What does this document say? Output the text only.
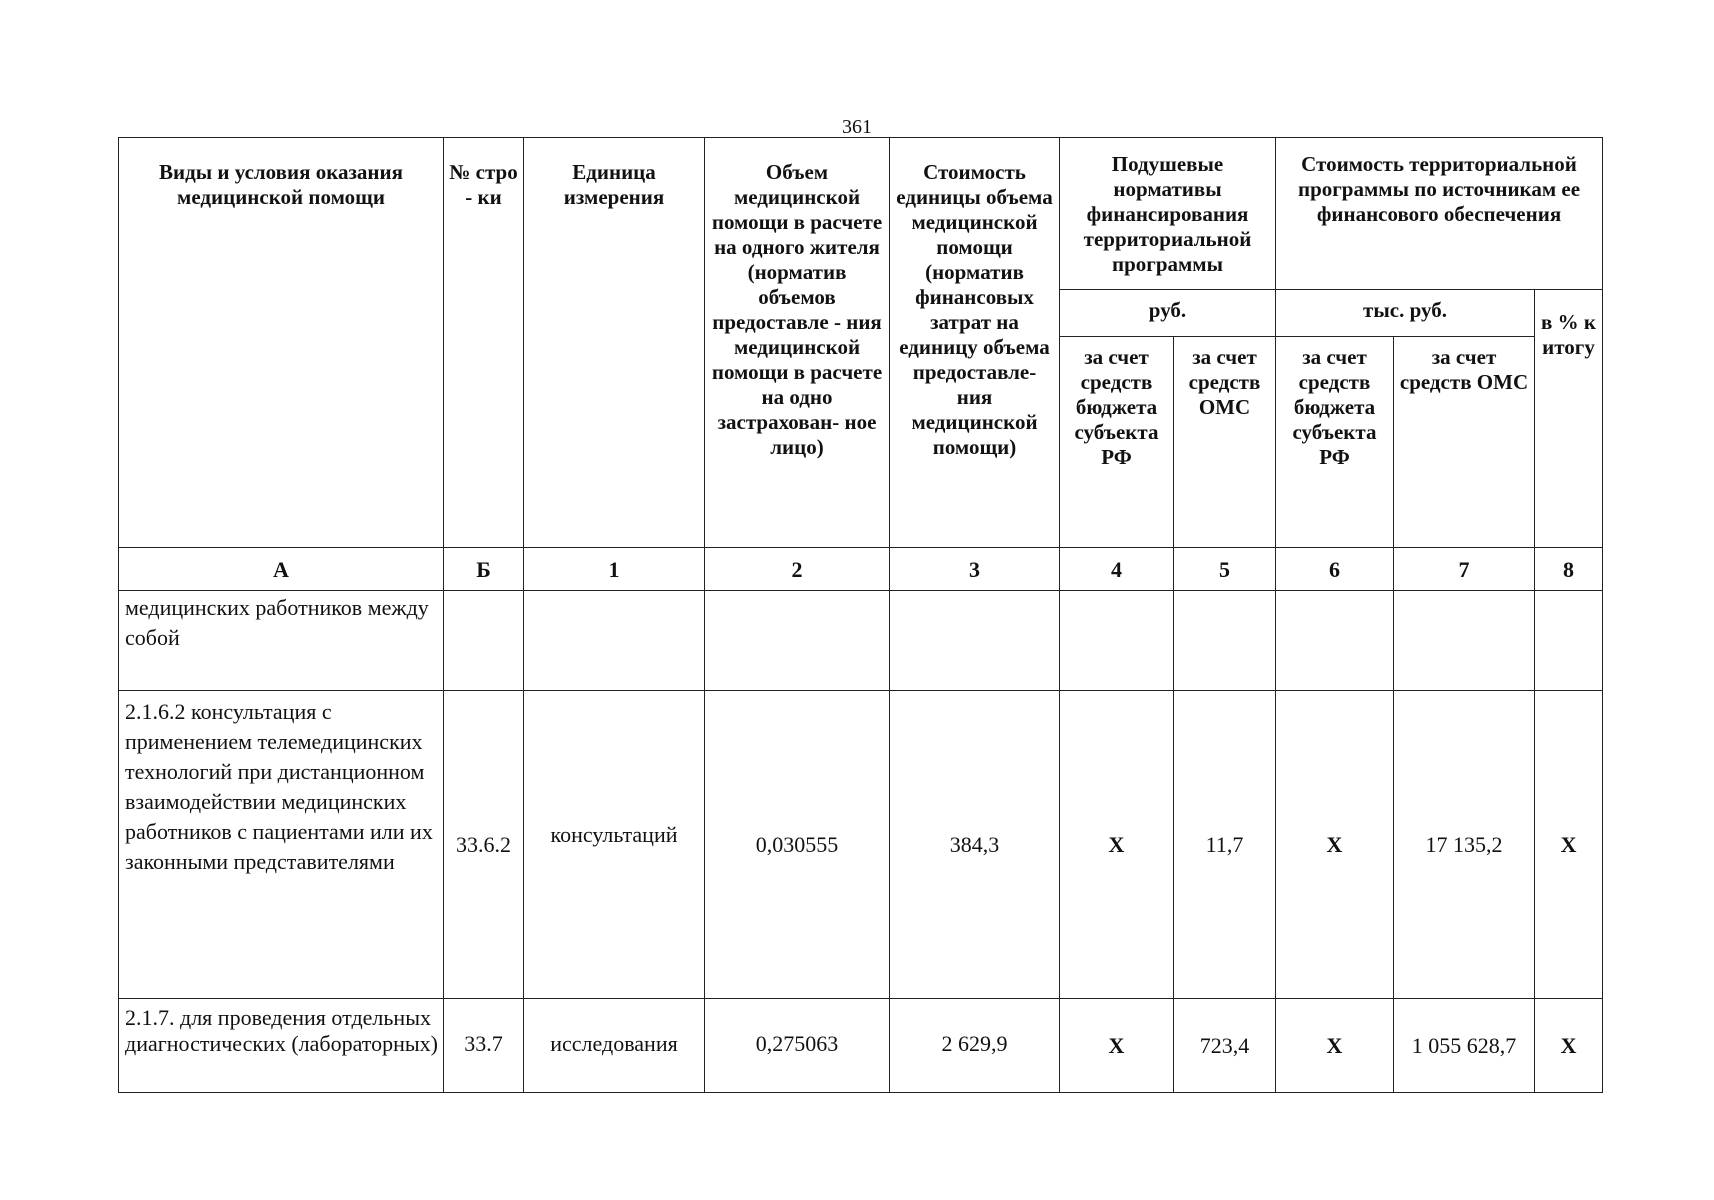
361
Виды и условия оказания медицинской помощи	№ стро - ки	Единица измерения	Объем медицинской помощи в расчете на одного жителя (норматив объемов предоставле - ния медицинской помощи в расчете на одно застрахован- ное лицо)	Стоимость единицы объема медицинской помощи (норматив финансовых затрат на единицу объема предоставле- ния медицинской помощи)	Подушевые нормативы финансирования территориальной программы		Стоимость территориальной программы по источникам ее финансового обеспечения		
					руб.		тыс. руб.		в % к итогу
					за счет средств бюджета субъекта РФ	за счет средств ОМС	за счет средств бюджета субъекта РФ	за счет средств ОМС	
А	Б	1	2	3	4	5	6	7	8
медицинских работников между собой									
2.1.6.2 консультация с применением телемедицинских технологий при дистанционном взаимодействии медицинских работников с пациентами или их законными представителями	33.6.2	консультаций	0,030555	384,3	Х	11,7	Х	17 135,2	Х
2.1.7. для проведения отдельных диагностических (лабораторных)	33.7	исследования	0,275063	2 629,9	Х	723,4	Х	1 055 628,7	Х
